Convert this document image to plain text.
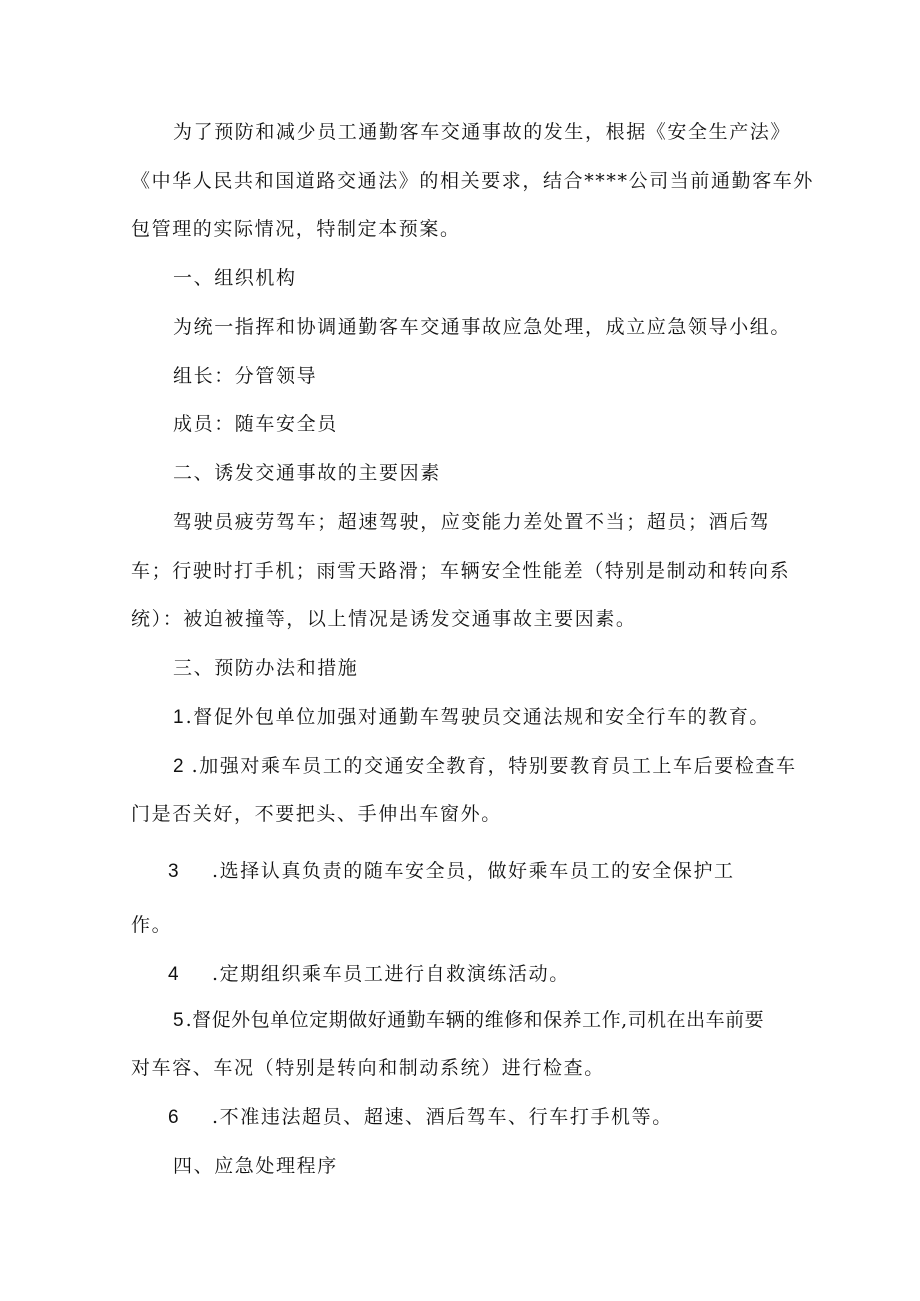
为了预防和减少员工通勤客车交通事故的发生，根据《安全生产法》

《中华人民共和国道路交通法》的相关要求，结合****公司当前通勤客车外

包管理的实际情况，特制定本预案。

一、组织机构

为统一指挥和协调通勤客车交通事故应急处理，成立应急领导小组。

组长：分管领导

成员：随车安全员

二、诱发交通事故的主要因素

驾驶员疲劳驾车；超速驾驶，应变能力差处置不当；超员；酒后驾

车；行驶时打手机；雨雪天路滑；车辆安全性能差（特别是制动和转向系

统）：被迫被撞等，以上情况是诱发交通事故主要因素。

三、预防办法和措施

1 .督促外包单位加强对通勤车驾驶员交通法规和安全行车的教育。

2 .加强对乘车员工的交通安全教育，特别要教育员工上车后要检查车

门是否关好，不要把头、手伸出车窗外。

3 .选择认真负责的随车安全员，做好乘车员工的安全保护工

作。

4 .定期组织乘车员工进行自救演练活动。

5 .督促外包单位定期做好通勤车辆的维修和保养工作,司机在出车前要

对车容、车况（特别是转向和制动系统）进行检查。

6 .不准违法超员、超速、酒后驾车、行车打手机等。

四、应急处理程序
